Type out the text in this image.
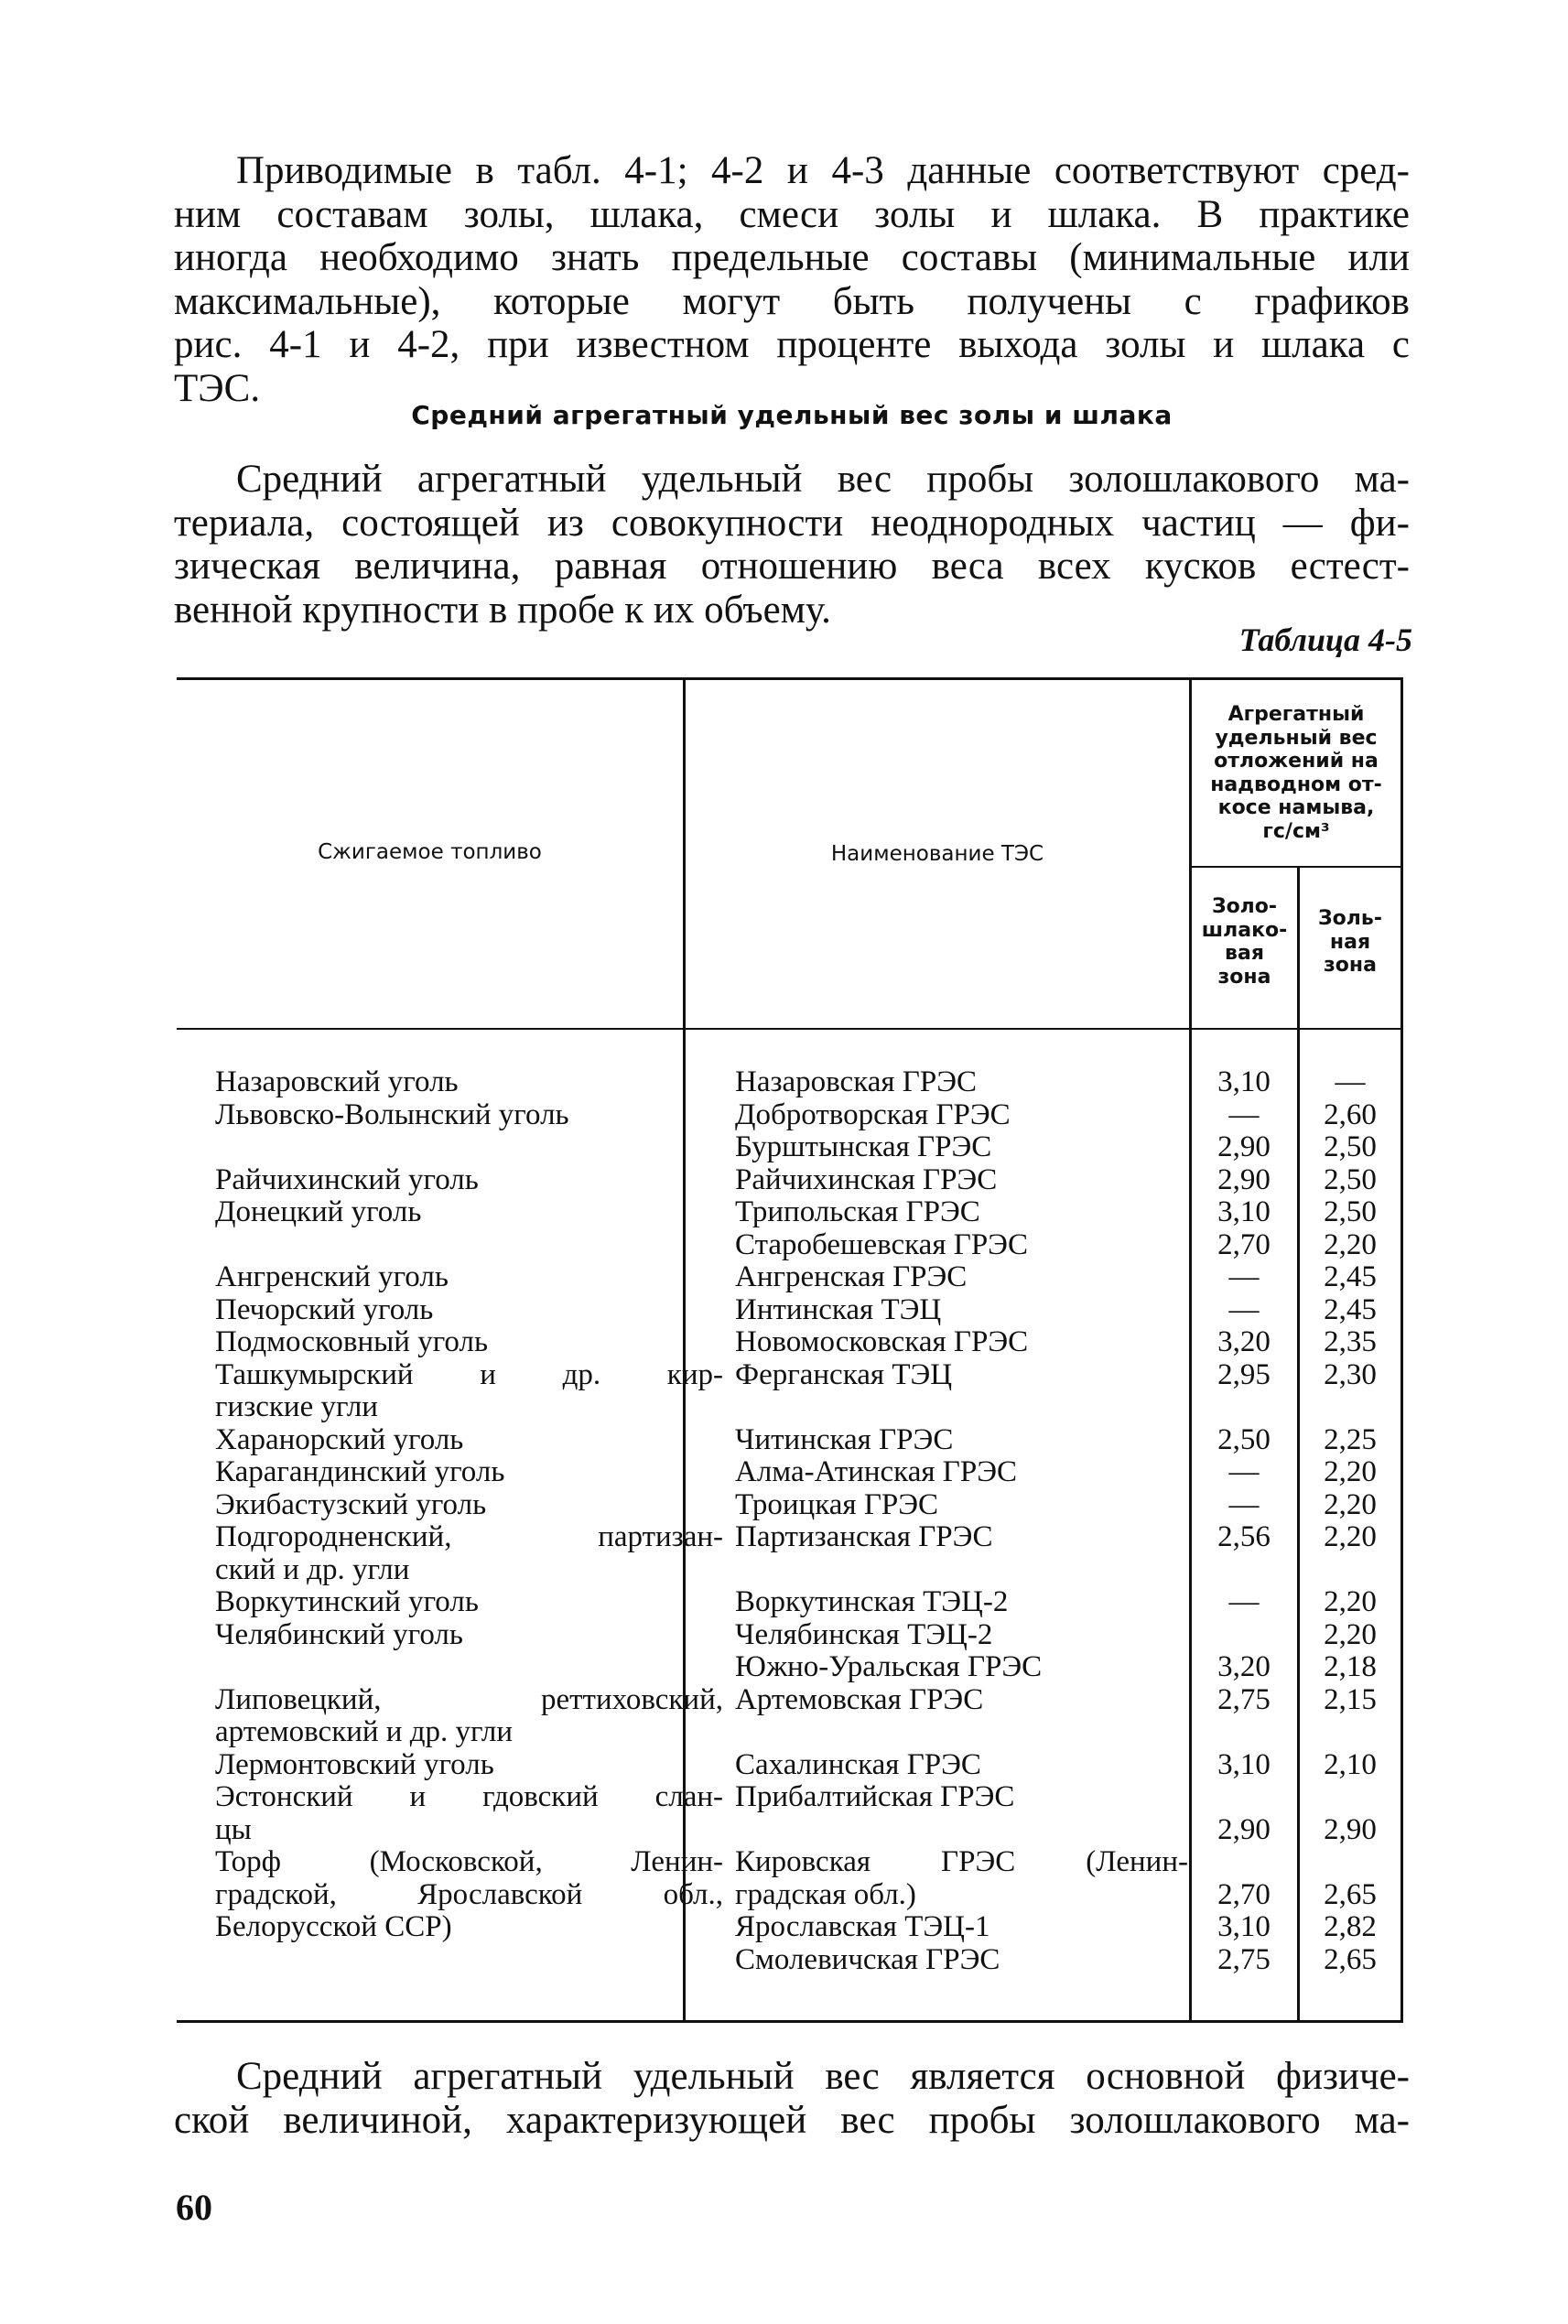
Приводимые в табл. 4-1; 4-2 и 4-3 данные соответствуют сред-
ним составам золы, шлака, смеси золы и шлака. В практике
иногда необходимо знать предельные составы (минимальные или
максимальные), которые могут быть получены с графиков
рис. 4-1 и 4-2, при известном проценте выхода золы и шлака с
ТЭС.
Средний агрегатный удельный вес золы и шлака
Средний агрегатный удельный вес пробы золошлакового ма-
териала, состоящей из совокупности неоднородных частиц — фи-
зическая величина, равная отношению веса всех кусков естест-
венной крупности в пробе к их объему.
Таблица 4-5
Сжигаемое топливо	Наименование ТЭС
Агрегатный
удельный вес
отложений на
надводном от-
косе намыва,
гс/см³
Золо-
шлако-
вая
зона
Золь-
ная
зона
Назаровский уголь
Львовско-Волынский уголь
Райчихинский уголь
Донецкий уголь
Ангренский уголь
Печорский уголь
Подмосковный уголь
Ташкумырский и др. кир-
гизские угли
Харанорский уголь
Карагандинский уголь
Экибастузский уголь
Подгородненский, партизан-
ский и др. угли
Воркутинский уголь
Челябинский уголь
Липовецкий, реттиховский,
артемовский и др. угли
Лермонтовский уголь
Эстонский и гдовский слан-
цы
Торф (Московской, Ленин-
градской, Ярославской обл.,
Белорусской ССР)
Назаровская ГРЭС
Добротворская ГРЭС
Бурштынская ГРЭС
Райчихинская ГРЭС
Трипольская ГРЭС
Старобешевская ГРЭС
Ангренская ГРЭС
Интинская ТЭЦ
Новомосковская ГРЭС
Ферганская ТЭЦ
Читинская ГРЭС
Алма-Атинская ГРЭС
Троицкая ГРЭС
Партизанская ГРЭС
Воркутинская ТЭЦ-2
Челябинская ТЭЦ-2
Южно-Уральская ГРЭС
Артемовская ГРЭС
Сахалинская ГРЭС
Прибалтийская ГРЭС
Кировская ГРЭС (Ленин-
градская обл.)
Ярославская ТЭЦ-1
Смолевичская ГРЭС
3,10
—
2,90
2,90
3,10
2,70
—
—
3,20
2,95
2,50
—
—
2,56
—
3,20
2,75
3,10
2,90
2,70
3,10
2,75
—
2,60
2,50
2,50
2,50
2,20
2,45
2,45
2,35
2,30
2,25
2,20
2,20
2,20
2,20
2,20
2,18
2,15
2,10
2,90
2,65
2,82
2,65
Средний агрегатный удельный вес является основной физиче-
ской величиной, характеризующей вес пробы золошлакового ма-
60
